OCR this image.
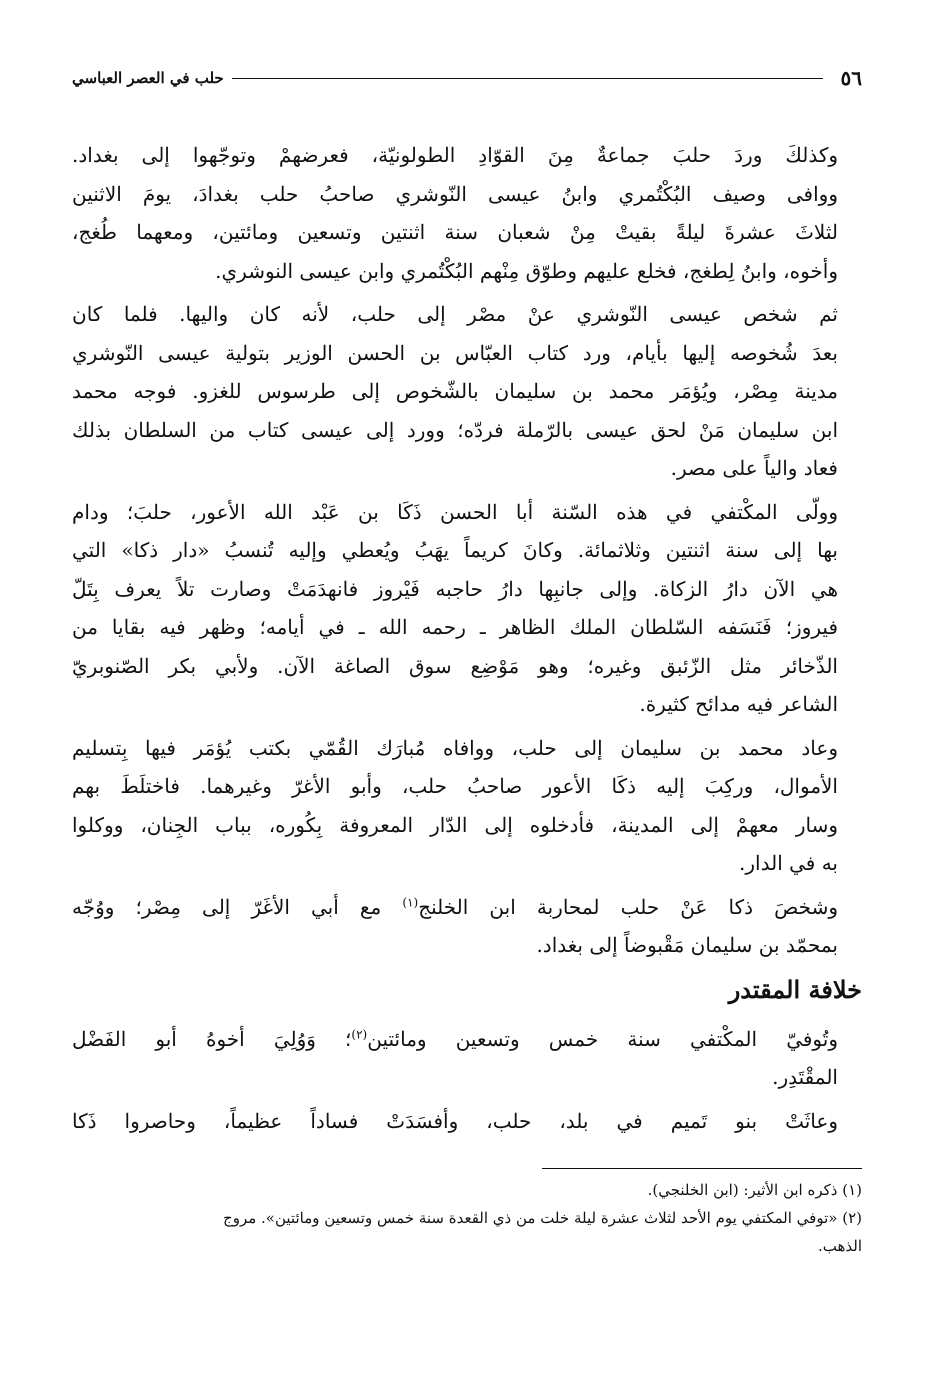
٥٦
حلب في العصر العباسي
وكذلكَ وردَ حلبَ جماعةٌ مِنَ القوّادِ الطولونيّة، فعرضهمْ وتوجّهوا إلى بغداد.
ووافى وصيف البُكْتُمري وابنُ عيسى النّوشري صاحبُ حلب بغدادَ، يومَ الاثنين
لثلاثَ عشرةَ ليلةً بقيتْ مِنْ شعبان سنة اثنتين وتسعين ومائتين، ومعهما طُغج،
وأخوه، وابنُ لِطغج، فخلع عليهم وطوّق مِنْهم البُكْتُمري وابن عيسى النوشري.
ثم شخص عيسى النّوشري عنْ مصْر إلى حلب، لأنه كان واليها. فلما كان
بعدَ شُخوصه إليها بأيام، ورد كتاب العبّاس بن الحسن الوزير بتولية عيسى النّوشري
مدينة مِصْر، ويُؤمَر محمد بن سليمان بالشّخوص إلى طرسوس للغزو. فوجه محمد
ابن سليمان مَنْ لحق عيسى بالرّملة فردّه؛ وورد إلى عيسى كتاب من السلطان بذلك
فعاد والياً على مصر.
وولّى المكْتفي في هذه السّنة أبا الحسن ذَكَا بن عَبْد الله الأعور، حلبَ؛ ودام
بها إلى سنة اثنتين وثلاثمائة. وكانَ كريماً يهَبُ ويُعطي وإليه تُنسبُ «دار ذكا» التي
هي الآن دارُ الزكاة. وإلى جانبِها دارُ حاجبه فَيْروز فانهدَمَتْ وصارت تلاً يعرف بِتَلّ
فيروز؛ فَنَسَفه السّلطان الملك الظاهر ـ رحمه الله ـ في أيامه؛ وظهر فيه بقايا من
الذّخائر مثل الزّئبق وغيره؛ وهو مَوْضِع سوق الصاغة الآن. ولأبي بكر الصّنوبريّ
الشاعر فيه مدائح كثيرة.
وعاد محمد بن سليمان إلى حلب، ووافاه مُبارَك القُمّي بكتب يُؤمَر فيها بِتسليم
الأموال، وركِبَ إليه ذكَا الأعور صاحبُ حلب، وأبو الأغرّ وغيرهما. فاختلَطَ بهم
وسار معهمْ إلى المدينة، فأدخلوه إلى الدّار المعروفة بِكُوره، بباب الجِنان، ووكلوا
به في الدار.
وشخصَ ذكا عَنْ حلب لمحاربة ابن الخلنج$^{(١)}$ مع أبي الأغَرّ إلى مِصْر؛ ووُجّه
بمحمّد بن سليمان مَقْبوضاً إلى بغداد.
خلافة المقتدر
وتُوفيّ المكْتفي سنة خمس وتسعين ومائتين$^{(٢)}$؛ وَوُلِيَ أخوهُ أبو الفَضْل
المقْتَدِر.
وعاثَتْ بنو تَميم في بلد، حلب، وأفسَدَتْ فساداً عظيماً، وحاصروا ذَكا
(١) ذكره ابن الأثير: (ابن الخلنجي).
(٢) «توفي المكتفي يوم الأحد لثلاث عشرة ليلة خلت من ذي القعدة سنة خمس وتسعين ومائتين». مروج
الذهب.
